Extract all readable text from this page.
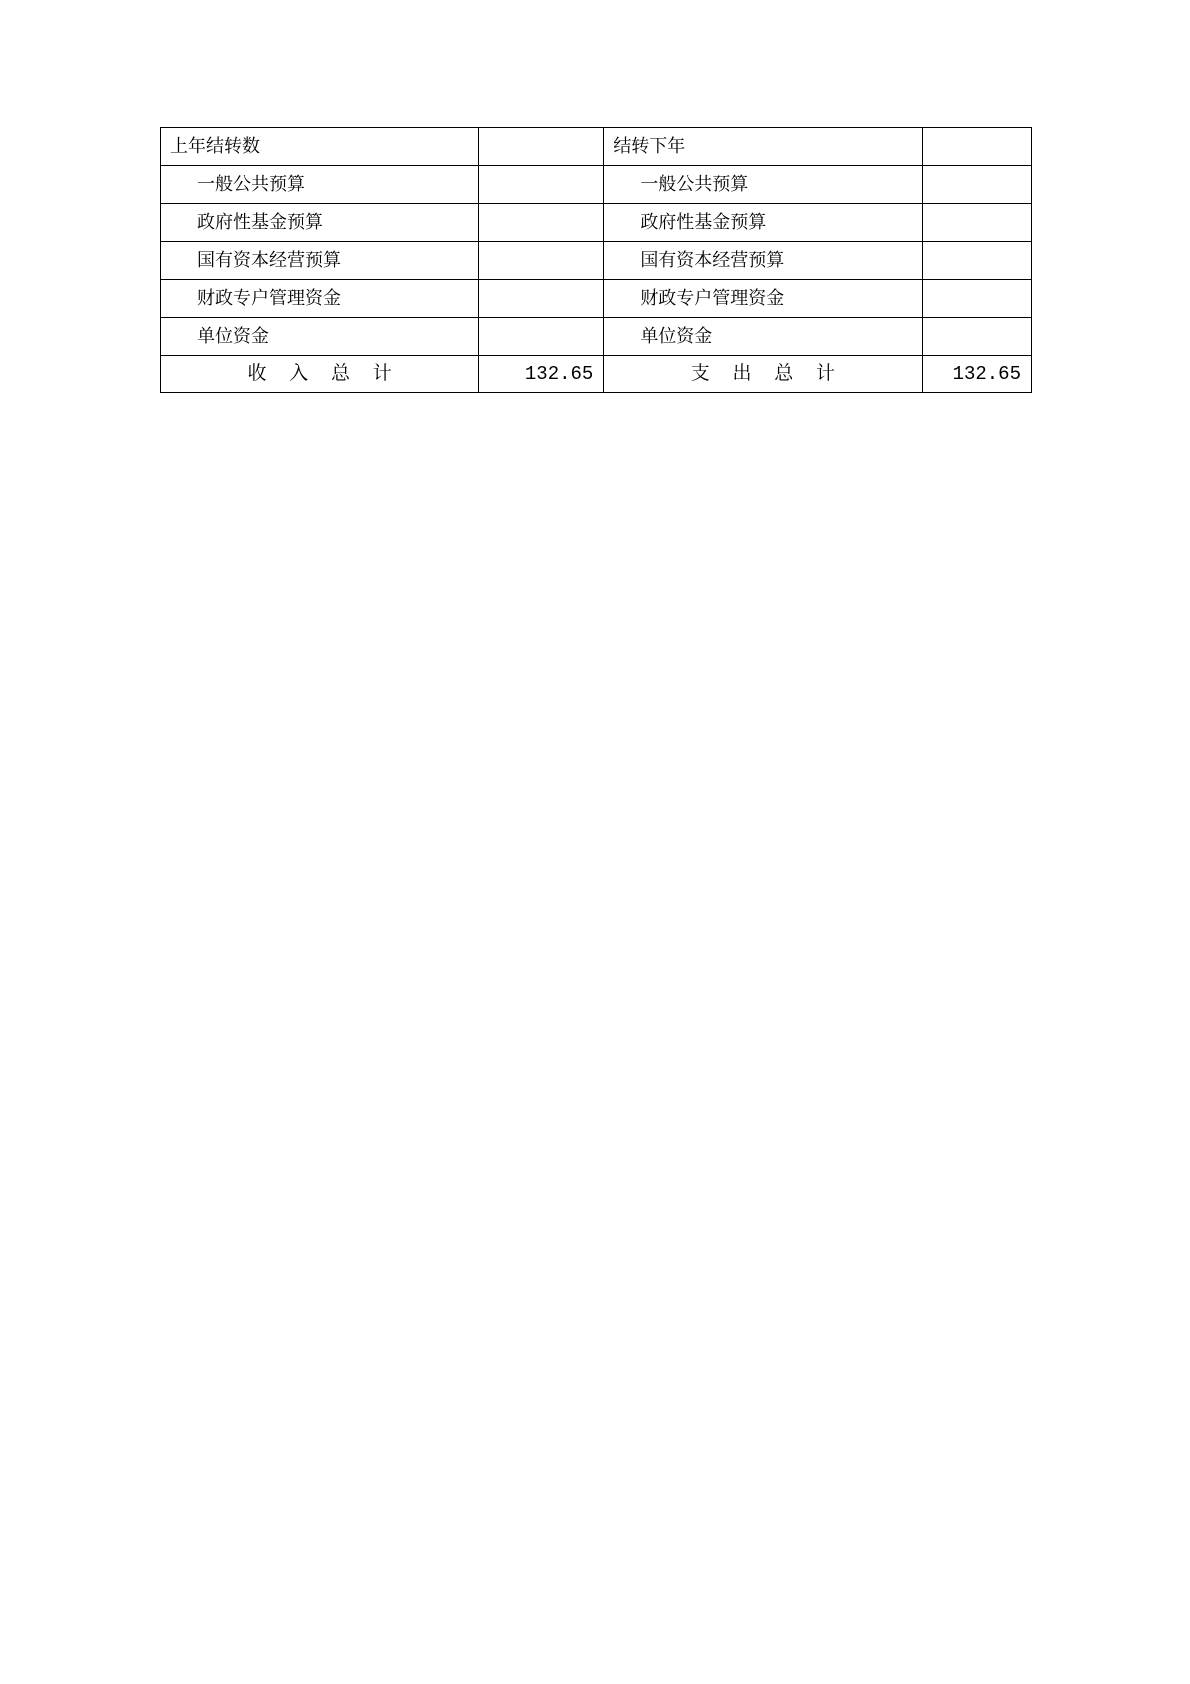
上年结转数		结转下年	

一般公共预算		一般公共预算	

政府性基金预算		政府性基金预算	

国有资本经营预算		国有资本经营预算	

财政专户管理资金		财政专户管理资金	

单位资金		单位资金	

收 入 总 计	132.65	支 出 总 计	132.65
